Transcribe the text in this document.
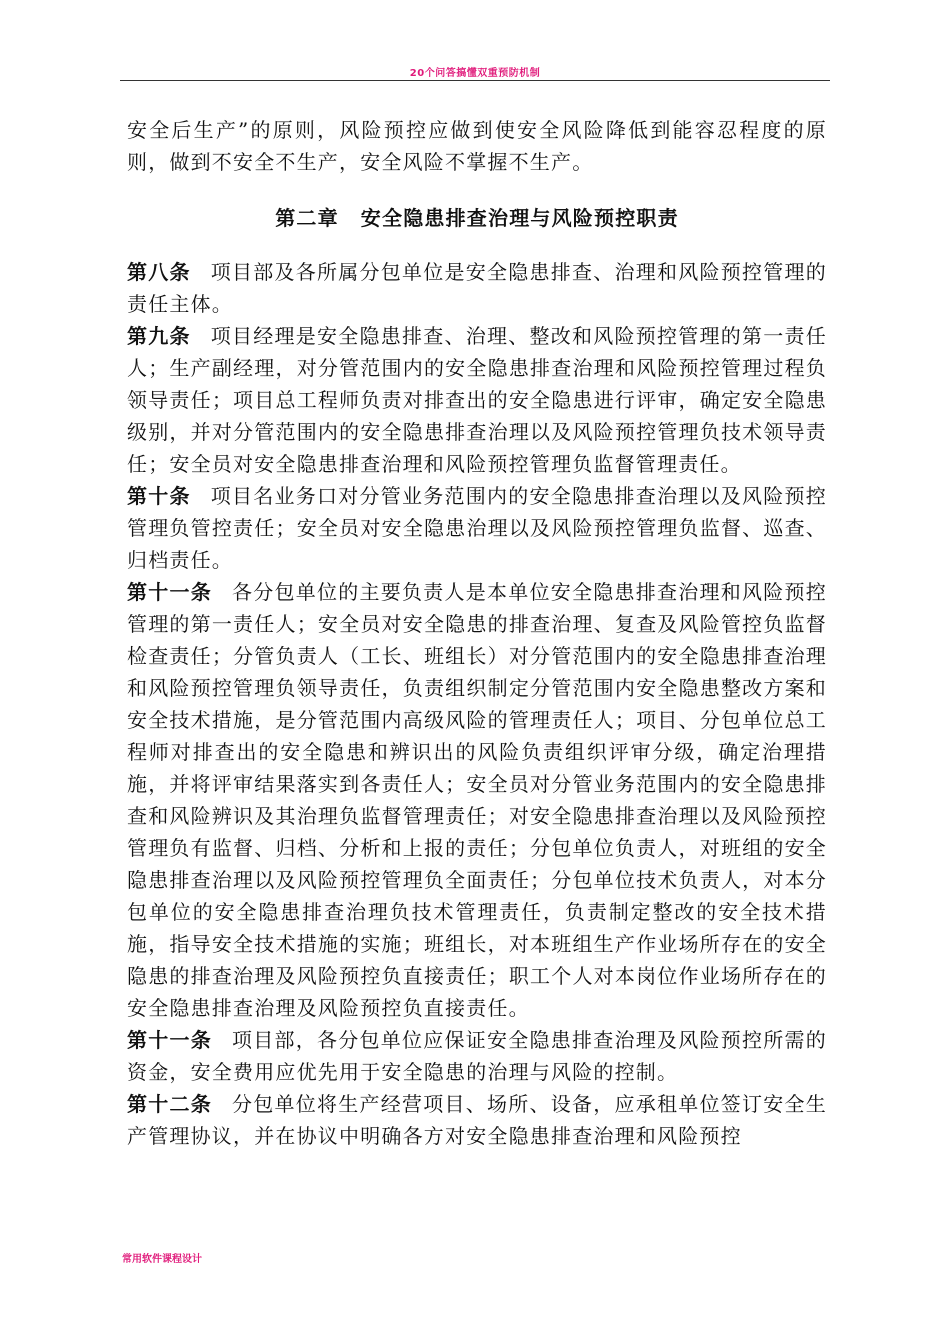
20个问答搞懂双重预防机制

安全后生产”的原则，风险预控应做到使安全风险降低到能容忍程度的原则，做到不安全不生产，安全风险不掌握不生产。

第二章 安全隐患排查治理与风险预控职责

第八条 项目部及各所属分包单位是安全隐患排查、治理和风险预控管理的责任主体。

第九条 项目经理是安全隐患排查、治理、整改和风险预控管理的第一责任人；生产副经理，对分管范围内的安全隐患排查治理和风险预控管理过程负领导责任；项目总工程师负责对排查出的安全隐患进行评审，确定安全隐患级别，并对分管范围内的安全隐患排查治理以及风险预控管理负技术领导责任；安全员对安全隐患排查治理和风险预控管理负监督管理责任。

第十条 项目名业务口对分管业务范围内的安全隐患排查治理以及风险预控管理负管控责任；安全员对安全隐患治理以及风险预控管理负监督、巡查、归档责任。

第十一条 各分包单位的主要负责人是本单位安全隐患排查治理和风险预控管理的第一责任人；安全员对安全隐患的排查治理、复查及风险管控负监督检查责任；分管负责人（工长、班组长）对分管范围内的安全隐患排查治理和风险预控管理负领导责任，负责组织制定分管范围内安全隐患整改方案和安全技术措施，是分管范围内高级风险的管理责任人；项目、分包单位总工程师对排查出的安全隐患和辨识出的风险负责组织评审分级，确定治理措施，并将评审结果落实到各责任人；安全员对分管业务范围内的安全隐患排查和风险辨识及其治理负监督管理责任；对安全隐患排查治理以及风险预控管理负有监督、归档、分析和上报的责任；分包单位负责人，对班组的安全隐患排查治理以及风险预控管理负全面责任；分包单位技术负责人，对本分包单位的安全隐患排查治理负技术管理责任，负责制定整改的安全技术措施，指导安全技术措施的实施；班组长，对本班组生产作业场所存在的安全隐患的排查治理及风险预控负直接责任；职工个人对本岗位作业场所存在的安全隐患排查治理及风险预控负直接责任。

第十一条 项目部，各分包单位应保证安全隐患排查治理及风险预控所需的资金，安全费用应优先用于安全隐患的治理与风险的控制。

第十二条 分包单位将生产经营项目、场所、设备，应承租单位签订安全生产管理协议，并在协议中明确各方对安全隐患排查治理和风险预控

常用软件课程设计
